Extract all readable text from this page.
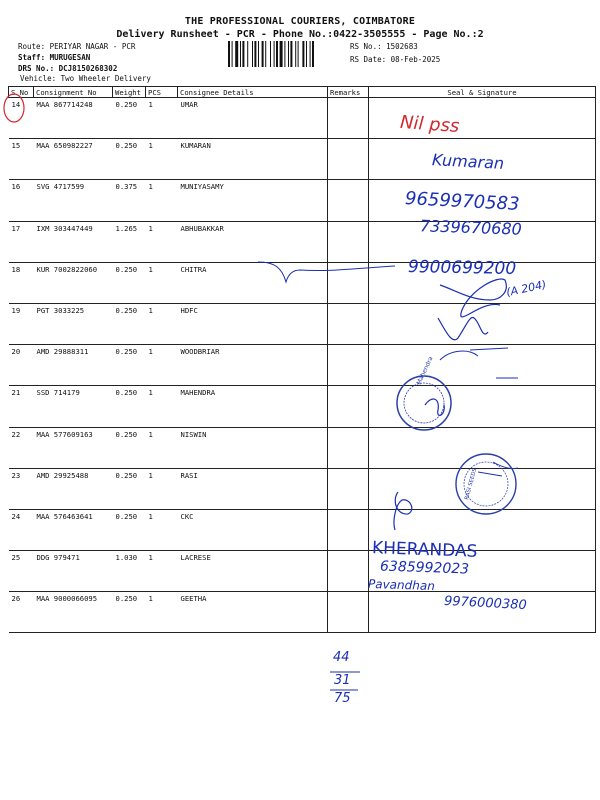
THE PROFESSIONAL COURIERS, COIMBATORE
Delivery Runsheet - PCR - Phone No.:0422-3505555 - Page No.:2
Route: PERIYAR NAGAR - PCR
Staff: MURUGESAN
DRS No.: DCJ8150268302
Vehicle: Two Wheeler Delivery
RS No.: 1502683
RS Date: 08-Feb-2025
S No	Consignment No	Weight	PCS	Consignee Details	Remarks	Seal & Signature
14	MAA 867714248	0.250	1	UMAR		
15	MAA 650982227	0.250	1	KUMARAN		
16	SVG 4717599	0.375	1	MUNIYASAMY		
17	IXM 303447449	1.265	1	ABHUBAKKAR		
18	KUR 7002822060	0.250	1	CHITRA		
19	PGT 3033225	0.250	1	HDFC		
20	AMD 29888311	0.250	1	WOODBRIAR		
21	SSD 714179	0.250	1	MAHENDRA		
22	MAA 577609163	0.250	1	NISWIN		
23	AMD 29925488	0.250	1	RASI		
24	MAA 576463641	0.250	1	CKC		
25	DDG 979471	1.030	1	LACRESE		
26	MAA 9000066095	0.250	1	GEETHA		
Mahendra
RASI SEEDS
Nil pss
Kumaran
9659970583
7339670680
9900699200
(A 204)
KHERANDAS
6385992023
Pavandhan
9976000380
44
31
75
